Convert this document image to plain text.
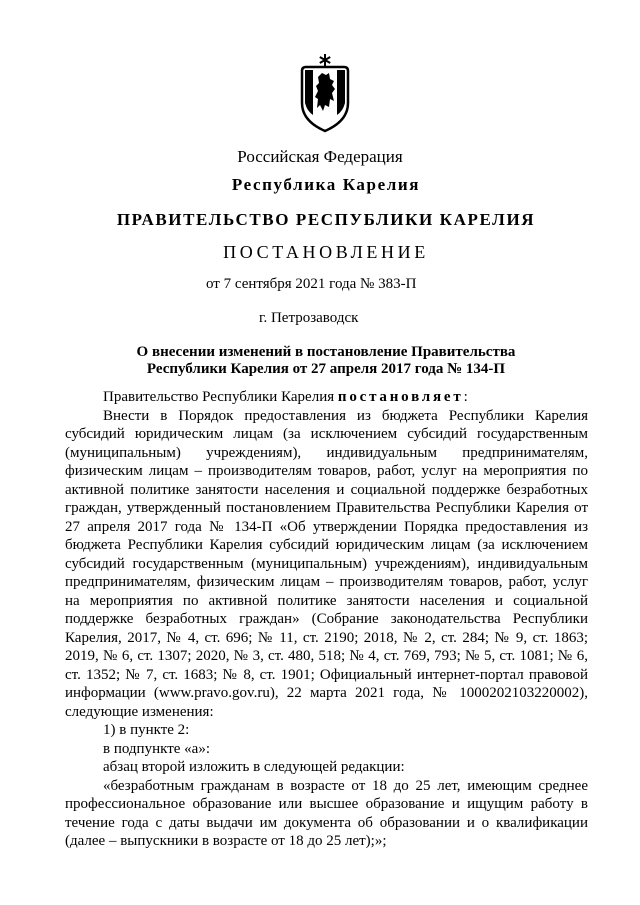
Российская Федерация
Республика Карелия
ПРАВИТЕЛЬСТВО РЕСПУБЛИКИ КАРЕЛИЯ
ПОСТАНОВЛЕНИЕ
от 7 сентября 2021 года № 383-П
г. Петрозаводск
О внесении изменений в постановление Правительства
Республики Карелия от 27 апреля 2017 года № 134-П

Правительство Республики Карелия постановляет:

Внести в Порядок предоставления из бюджета Республики Карелия субсидий юридическим лицам (за исключением субсидий государственным (муниципальным) учреждениям), индивидуальным предпринимателям, физическим лицам – производителям товаров, работ, услуг на мероприятия по активной политике занятости населения и социальной поддержке безработных граждан, утвержденный постановлением Правительства Республики Карелия от 27 апреля 2017 года № 134-П «Об утверждении Порядка предоставления из бюджета Республики Карелия субсидий юридическим лицам (за исключением субсидий государственным (муниципальным) учреждениям), индивидуальным предпринимателям, физическим лицам – производителям товаров, работ, услуг на мероприятия по активной политике занятости населения и социальной поддержке безработных граждан» (Собрание законодательства Республики Карелия, 2017, № 4, ст. 696; № 11, ст. 2190; 2018, № 2, ст. 284; № 9, ст. 1863; 2019, № 6, ст. 1307; 2020, № 3, ст. 480, 518; № 4, ст. 769, 793; № 5, ст. 1081; № 6, ст. 1352; № 7, ст. 1683; № 8, ст. 1901; Официальный интернет-портал правовой информации (www.pravo.gov.ru), 22 марта 2021 года, № 1000202103220002), следующие изменения:

1) в пункте 2:

в подпункте «а»:

абзац второй изложить в следующей редакции:

«безработным гражданам в возрасте от 18 до 25 лет, имеющим среднее профессиональное образование или высшее образование и ищущим работу в течение года с даты выдачи им документа об образовании и о квалификации (далее – выпускники в возрасте от 18 до 25 лет);»;
